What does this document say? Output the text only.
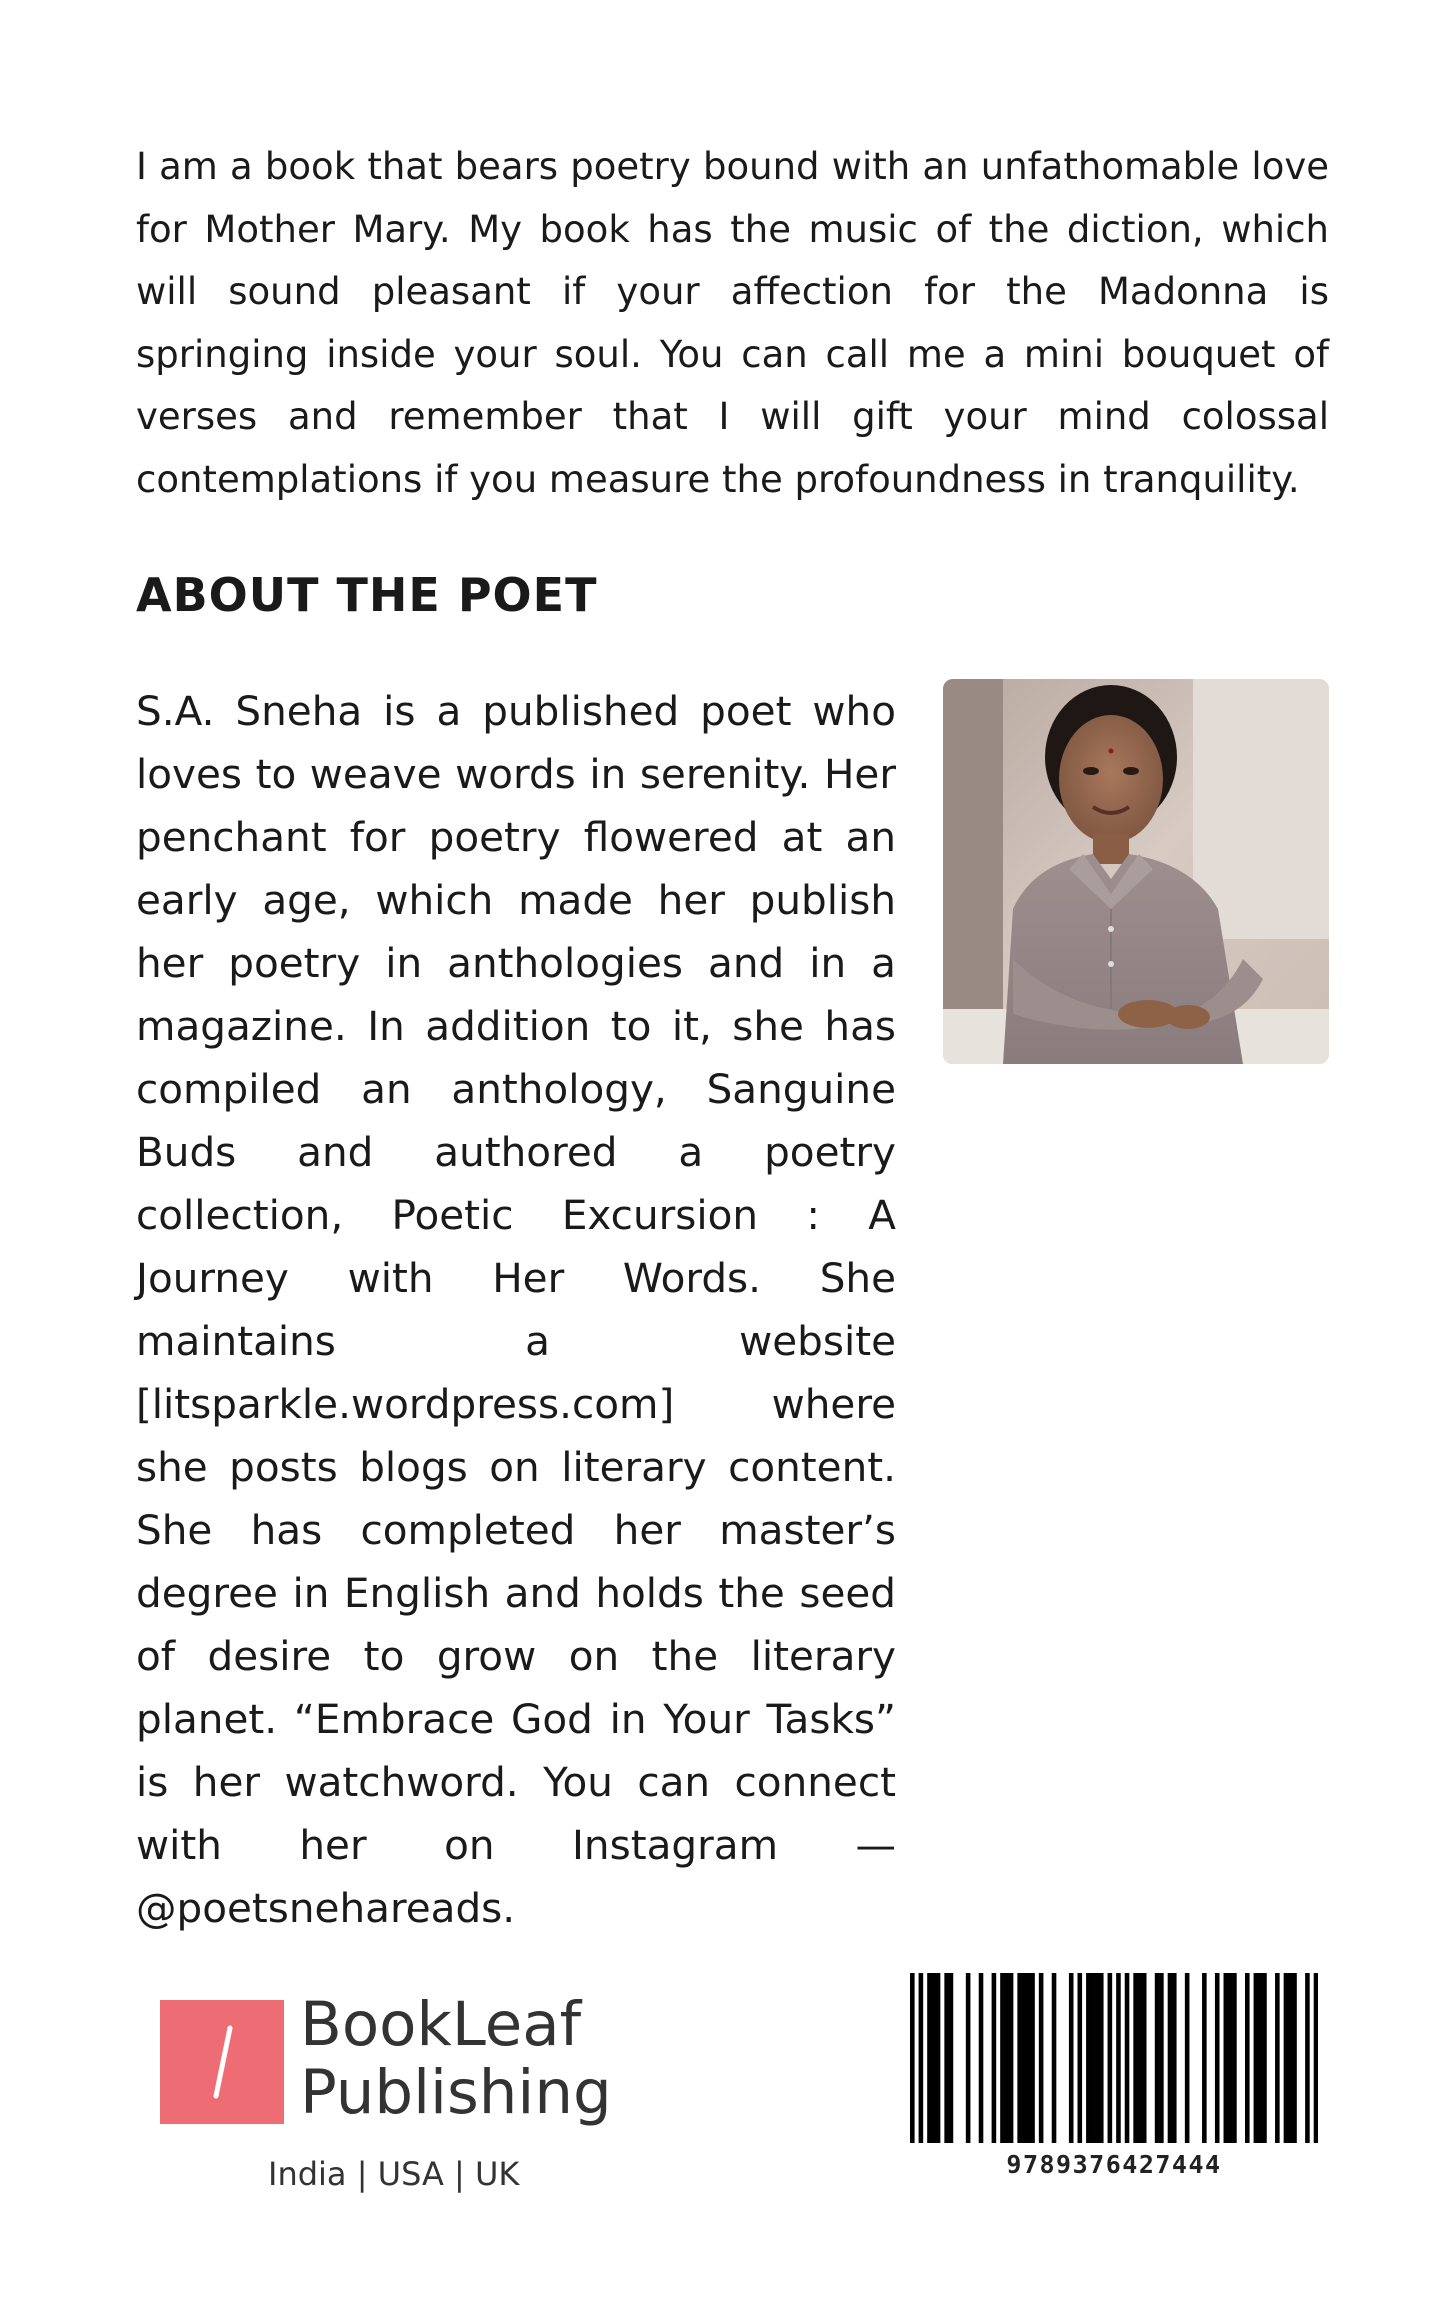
I am a book that bears poetry bound with an unfathomable love for Mother Mary. My book has the music of the diction, which will sound pleasant if your affection for the Madonna is springing inside your soul. You can call me a mini bouquet of verses and remember that I will gift your mind colossal contemplations if you measure the profoundness in tranquility.

ABOUT THE POET

S.A. Sneha is a published poet who loves to weave words in serenity. Her penchant for poetry flowered at an early age, which made her publish her poetry in anthologies and in a magazine. In addition to it, she has compiled an anthology, Sanguine Buds and authored a poetry collection, Poetic Excursion : A Journey with Her Words. She maintains a website [litsparkle.wordpress.com] where she posts blogs on literary content. She has completed her master’s degree in English and holds the seed of desire to grow on the literary planet. “Embrace God in Your Tasks” is her watchword. You can connect with her on Instagram —@poetsnehareads.

BookLeaf
Publishing
India | USA | UK	9789376427444
